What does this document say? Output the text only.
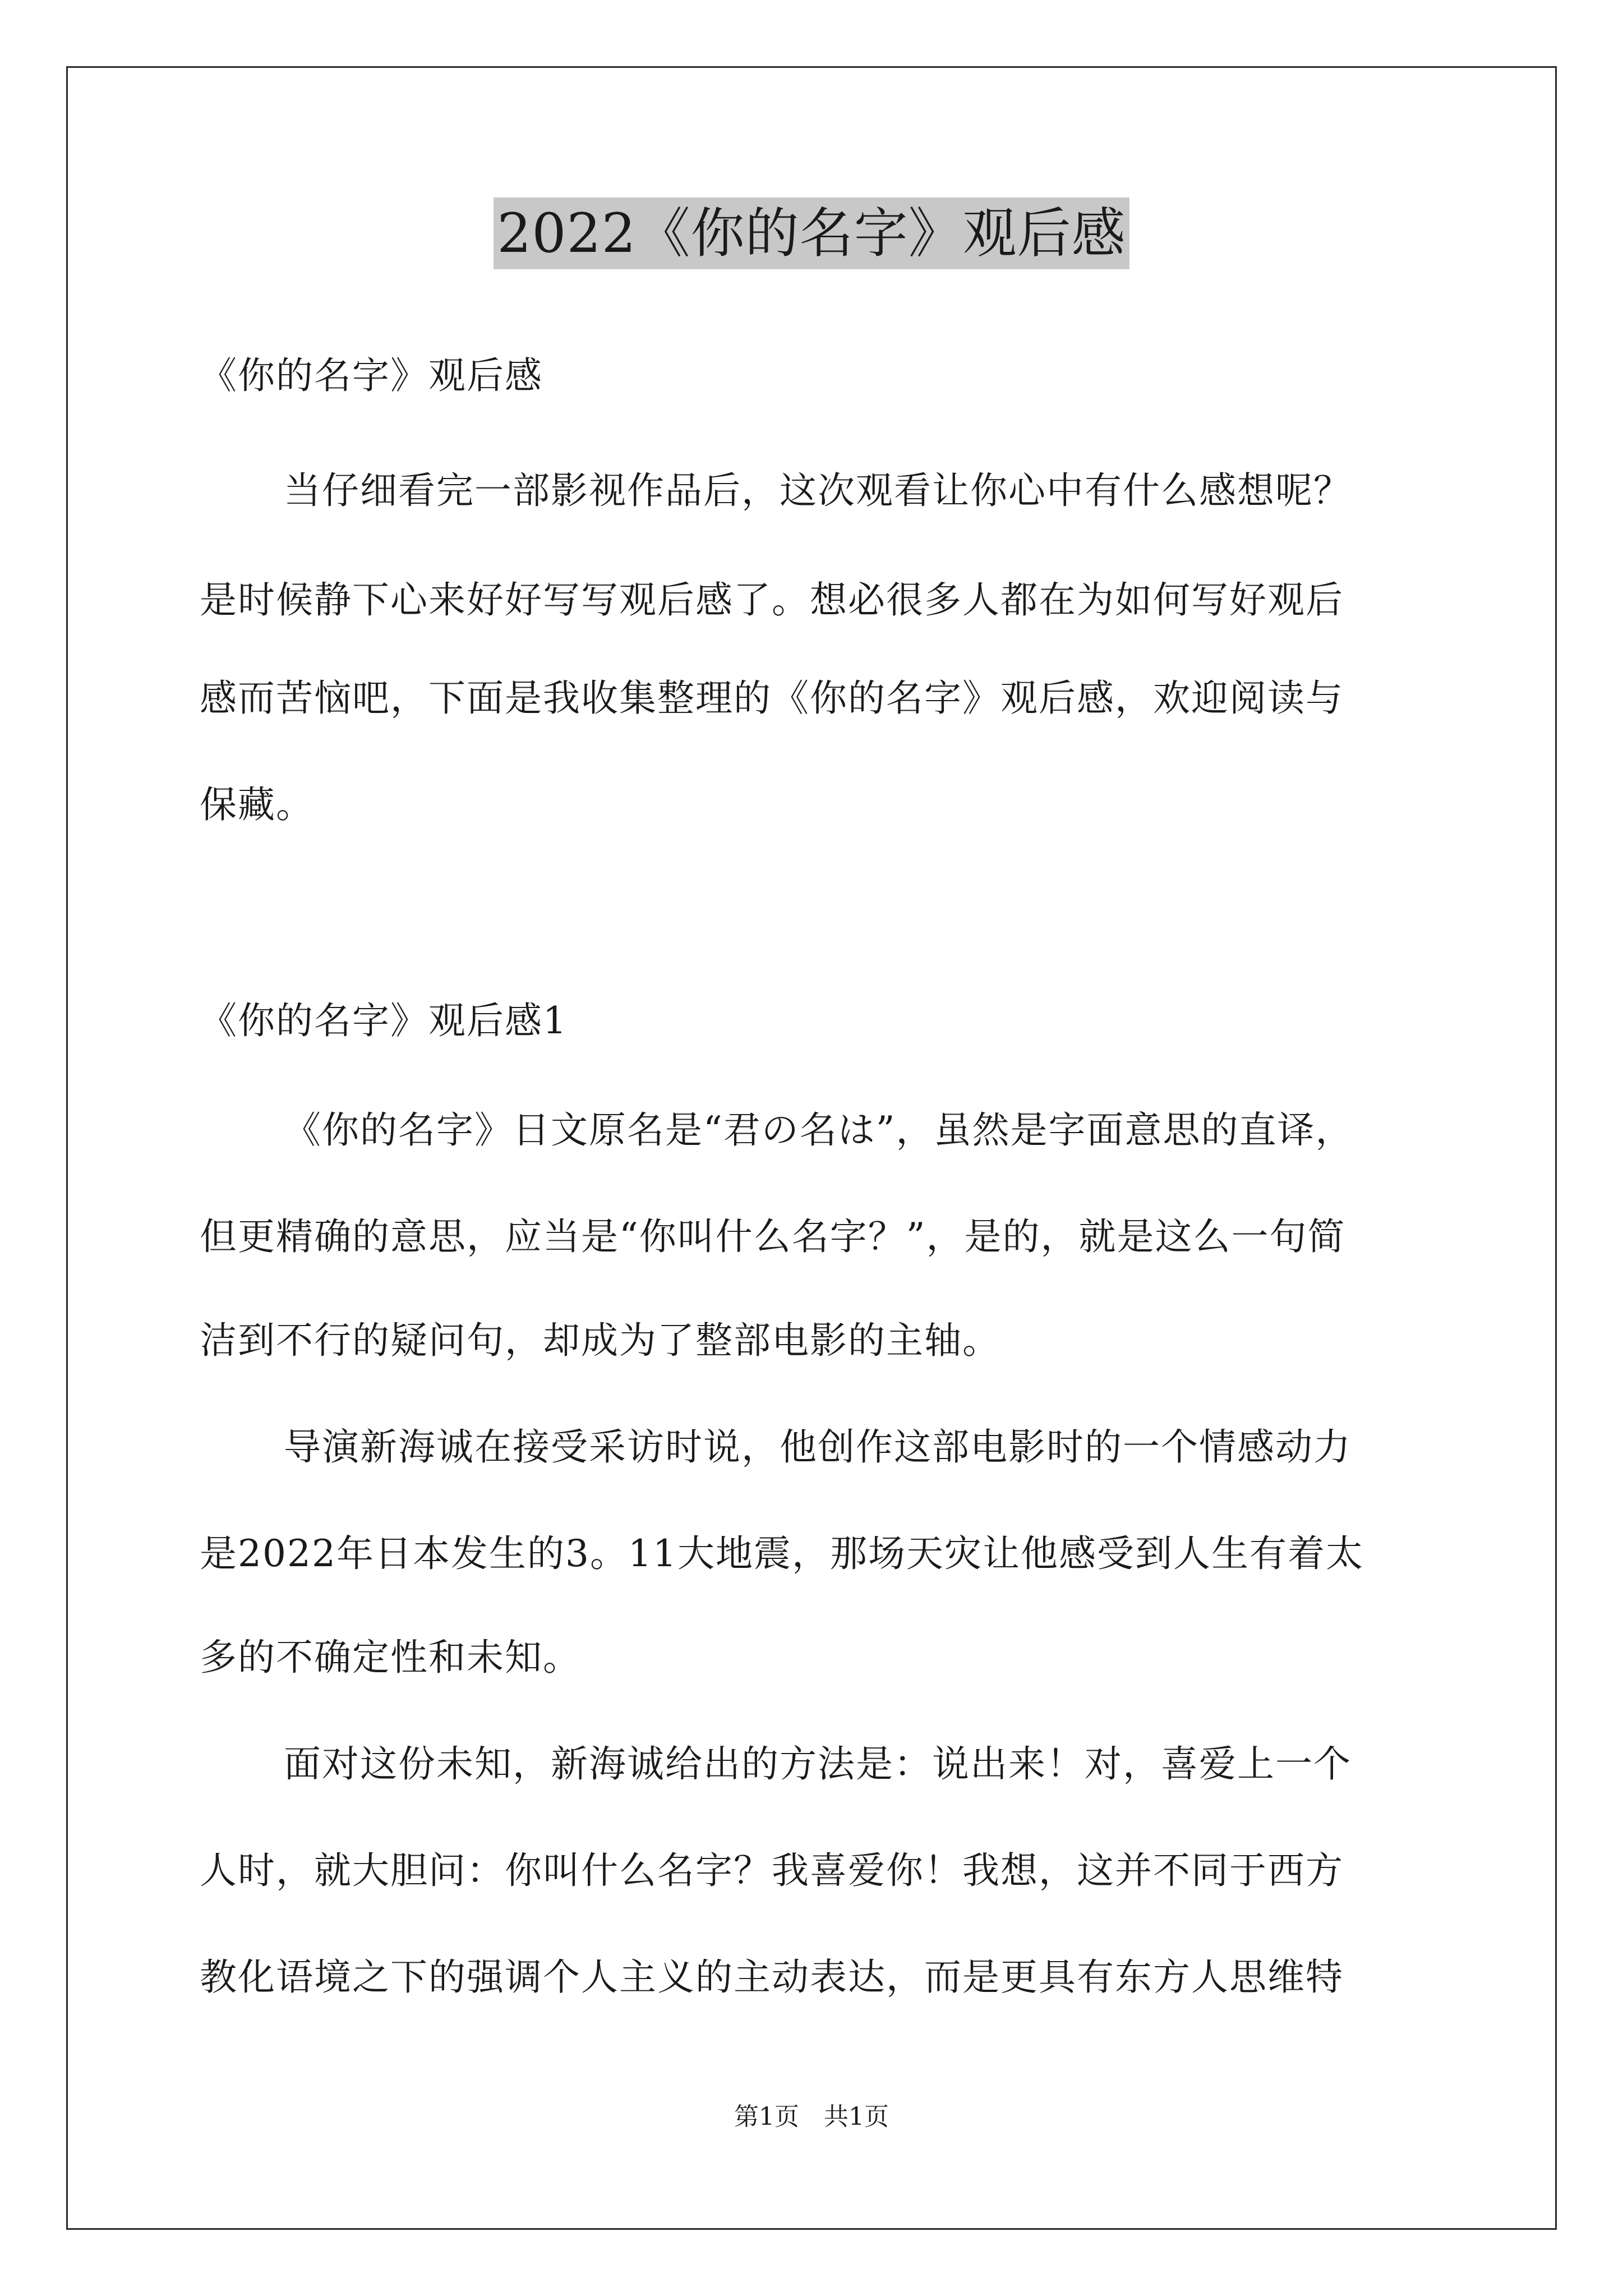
2022《你的名字》观后感
《你的名字》观后感
当仔细看完一部影视作品后，这次观看让你心中有什么感想呢？
是时候静下心来好好写写观后感了。想必很多人都在为如何写好观后
感而苦恼吧，下面是我收集整理的《你的名字》观后感，欢迎阅读与
保藏。
《你的名字》观后感1
《你的名字》日文原名是“君の名は”，虽然是字面意思的直译，
但更精确的意思，应当是“你叫什么名字？”，是的，就是这么一句简
洁到不行的疑问句，却成为了整部电影的主轴。
导演新海诚在接受采访时说，他创作这部电影时的一个情感动力
是2022年日本发生的3。11大地震，那场天灾让他感受到人生有着太
多的不确定性和未知。
面对这份未知，新海诚给出的方法是：说出来！对，喜爱上一个
人时，就大胆问：你叫什么名字？我喜爱你！我想，这并不同于西方
教化语境之下的强调个人主义的主动表达，而是更具有东方人思维特
第1页　共1页
